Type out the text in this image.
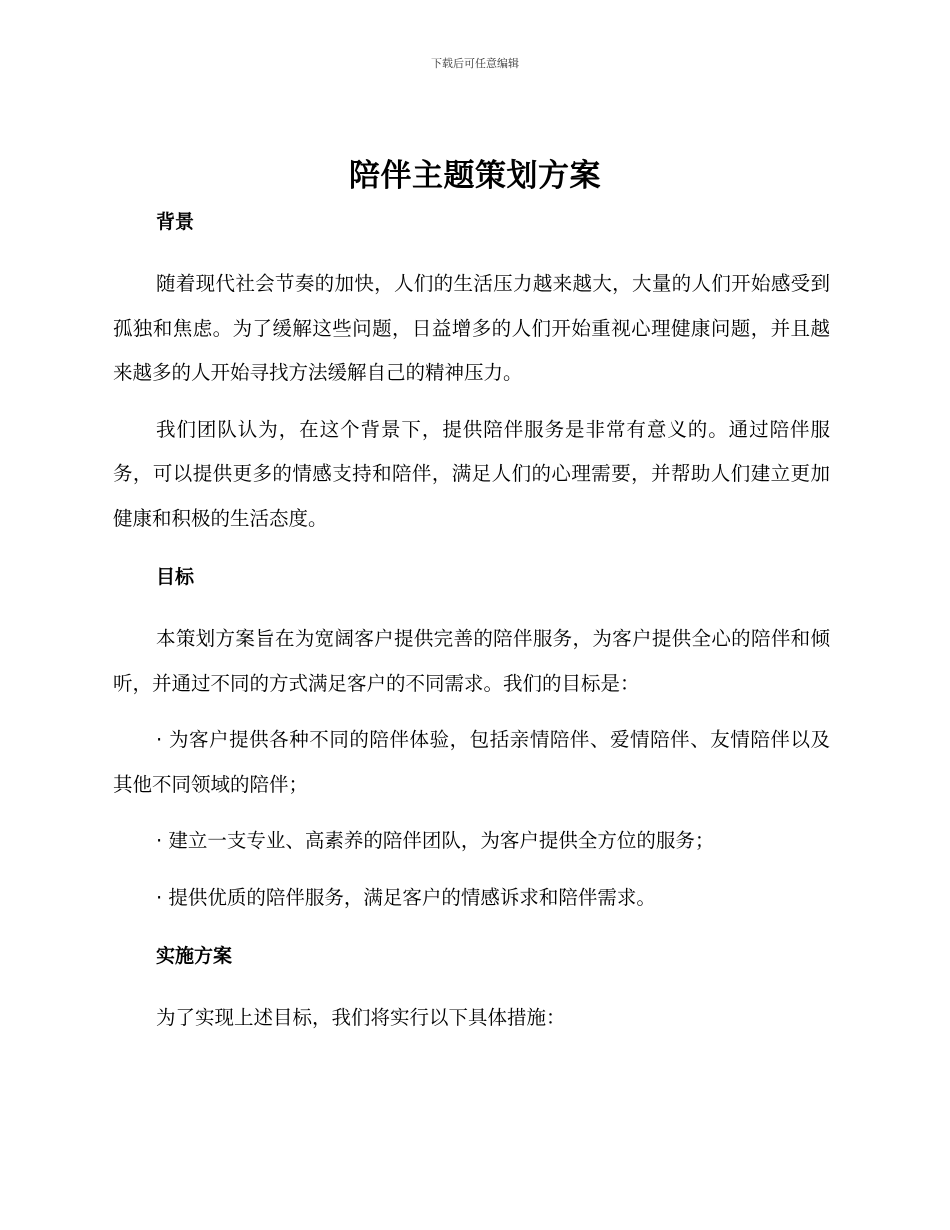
下载后可任意编辑
陪伴主题策划方案
背景

随着现代社会节奏的加快，人们的生活压力越来越大，大量的人们开始感受到孤独和焦虑。为了缓解这些问题，日益增多的人们开始重视心理健康问题，并且越来越多的人开始寻找方法缓解自己的精神压力。

我们团队认为，在这个背景下，提供陪伴服务是非常有意义的。通过陪伴服务，可以提供更多的情感支持和陪伴，满足人们的心理需要，并帮助人们建立更加健康和积极的生活态度。

目标

本策划方案旨在为宽阔客户提供完善的陪伴服务，为客户提供全心的陪伴和倾听，并通过不同的方式满足客户的不同需求。我们的目标是：

· 为客户提供各种不同的陪伴体验，包括亲情陪伴、爱情陪伴、友情陪伴以及其他不同领域的陪伴；

· 建立一支专业、高素养的陪伴团队，为客户提供全方位的服务；

· 提供优质的陪伴服务，满足客户的情感诉求和陪伴需求。

实施方案

为了实现上述目标，我们将实行以下具体措施：
